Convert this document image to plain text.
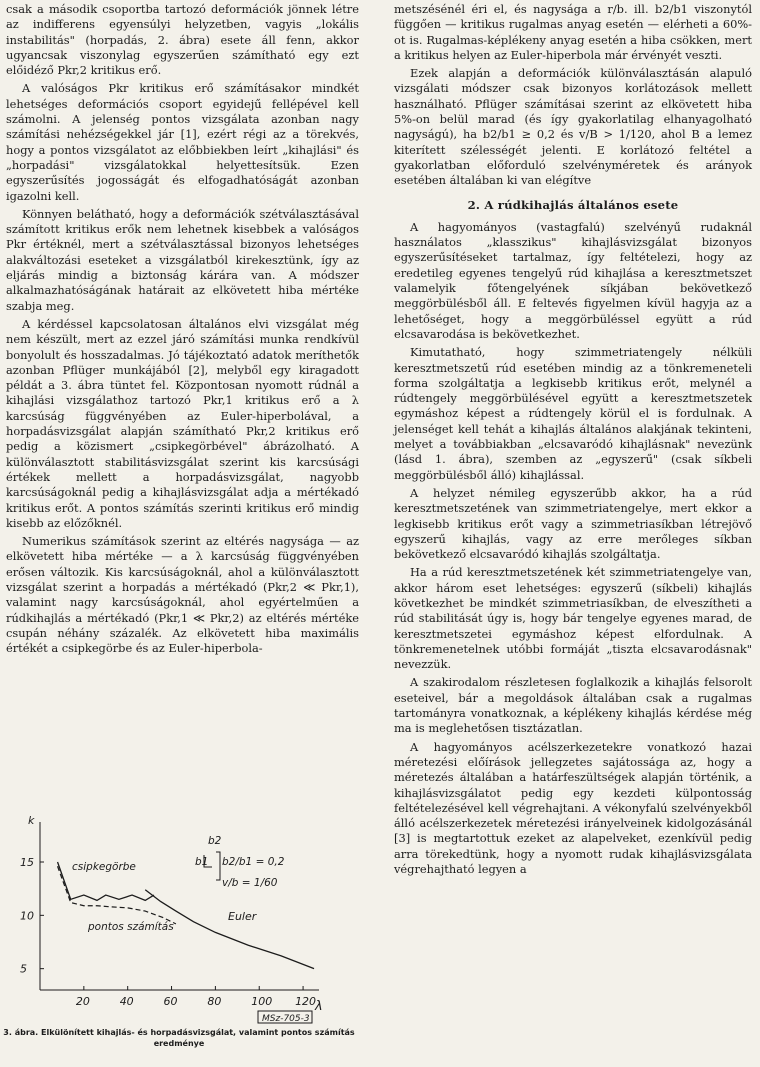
csak a második csoportba tartozó deformációk jönnek létre az indifferens egyensúlyi helyzetben, vagyis „lokális instabilitás" (horpadás, 2. ábra) esete áll fenn, akkor ugyancsak viszonylag egyszerűen számítható egy ezt előidéző Pkr,2 kritikus erő.

A valóságos Pkr kritikus erő számításakor mindkét lehetséges deformációs csoport egyidejű fellépével kell számolni. A jelenség pontos vizsgálata azonban nagy számítási nehézségekkel jár [1], ezért régi az a törekvés, hogy a pontos vizsgálatot az előbbiekben leírt „kihajlási" és „horpadási" vizsgálatokkal helyettesítsük. Ezen egyszerűsítés jogosságát és elfogadhatóságát azonban igazolni kell.

Könnyen belátható, hogy a deformációk szétválasztásával számított kritikus erők nem lehetnek kisebbek a valóságos Pkr értéknél, mert a szétválasztással bizonyos lehetséges alakváltozási eseteket a vizsgálatból kirekesztünk, így az eljárás mindig a biztonság kárára van. A módszer alkalmazhatóságának határait az elkövetett hiba mértéke szabja meg.

A kérdéssel kapcsolatosan általános elvi vizsgálat még nem készült, mert az ezzel járó számítási munka rendkívül bonyolult és hosszadalmas. Jó tájékoztató adatok meríthetők azonban Pflüger munkájából [2], melyből egy kiragadott példát a 3. ábra tüntet fel. Központosan nyomott rúdnál a kihajlási vizsgálathoz tartozó Pkr,1 kritikus erő a λ karcsúság függvényében az Euler-hiperbolával, a horpadásvizsgálat alapján számítható Pkr,2 kritikus erő pedig a közismert „csipkegörbével" ábrázolható. A különválasztott stabilitásvizsgálat szerint kis karcsúsági értékek mellett a horpadásvizsgálat, nagyobb karcsúságoknál pedig a kihajlásvizsgálat adja a mértékadó kritikus erőt. A pontos számítás szerinti kritikus erő mindig kisebb az előzőknél.

Numerikus számítások szerint az eltérés nagysága — az elkövetett hiba mértéke — a λ karcsúság függvényében erősen változik. Kis karcsúságoknál, ahol a különválasztott vizsgálat szerint a horpadás a mértékadó (Pkr,2 ≪ Pkr,1), valamint nagy karcsúságoknál, ahol egyértelműen a rúdkihajlás a mértékadó (Pkr,1 ≪ Pkr,2) az eltérés mértéke csupán néhány százalék. Az elkövetett hiba maximális értékét a csipkegörbe és az Euler-hiperbola-

k
λ
csipkegörbe
pontos számítás
Euler
b2
b1 b2/b1 = 0,2
v/b = 1/60
MSz-705-3
20	40	60	80	100 120
5
10
15
3. ábra. Elkülönített kihajlás- és horpadásvizsgálat, valamint pontos számítás eredménye

metszésénél éri el, és nagysága a r/b. ill. b2/b1 viszonytól függően — kritikus rugalmas anyag esetén — elérheti a 60%-ot is. Rugalmas-képlékeny anyag esetén a hiba csökken, mert a kritikus helyen az Euler-hiperbola már érvényét veszti.

Ezek alapján a deformációk különválasztásán alapuló vizsgálati módszer csak bizonyos korlátozások mellett használható. Pflüger számításai szerint az elkövetett hiba 5%-on belül marad (és így gyakorlatilag elhanyagolható nagyságú), ha b2/b1 ≥ 0,2 és v/B > 1/120, ahol B a lemez kiterített szélességét jelenti. E korlátozó feltétel a gyakorlatban előforduló szelvényméretek és arányok esetében általában ki van elégítve

2. A rúdkihajlás általános esete

A hagyományos (vastagfalú) szelvényű rudaknál használatos „klasszikus" kihajlásvizsgálat bizonyos egyszerűsítéseket tartalmaz, így feltételezi, hogy az eredetileg egyenes tengelyű rúd kihajlása a keresztmetszet valamelyik főtengelyének síkjában bekövetkező meggörbülésből áll. E feltevés figyelmen kívül hagyja az a lehetőséget, hogy a meggörbüléssel együtt a rúd elcsavarodása is bekövetkezhet.

Kimutatható, hogy szimmetriatengely nélküli keresztmetszetű rúd esetében mindig az a tönkremeneteli forma szolgáltatja a legkisebb kritikus erőt, melynél a rúdtengely meggörbülésével együtt a keresztmetszetek egymáshoz képest a rúdtengely körül el is fordulnak. A jelenséget kell tehát a kihajlás általános alakjának tekinteni, melyet a továbbiakban „elcsavaródó kihajlásnak" nevezünk (lásd 1. ábra), szemben az „egyszerű" (csak síkbeli meggörbülésből álló) kihajlással.

A helyzet némileg egyszerűbb akkor, ha a rúd keresztmetszetének van szimmetriatengelye, mert ekkor a legkisebb kritikus erőt vagy a szimmetriasíkban létrejövő egyszerű kihajlás, vagy az erre merőleges síkban bekövetkező elcsavaródó kihajlás szolgáltatja.

Ha a rúd keresztmetszetének két szimmetriatengelye van, akkor három eset lehetséges: egyszerű (síkbeli) kihajlás következhet be mindkét szimmetriasíkban, de elveszítheti a rúd stabilitását úgy is, hogy bár tengelye egyenes marad, de keresztmetszetei egymáshoz képest elfordulnak. A tönkremenetelnek utóbbi formáját „tiszta elcsavarodásnak" nevezzük.

A szakirodalom részletesen foglalkozik a kihajlás felsorolt eseteivel, bár a megoldások általában csak a rugalmas tartományra vonatkoznak, a képlékeny kihajlás kérdése még ma is meglehetősen tisztázatlan.

A hagyományos acélszerkezetekre vonatkozó hazai méretezési előírások jellegzetes sajátossága az, hogy a méretezés általában a határfeszültségek alapján történik, a kihajlásvizsgálatot pedig egy kezdeti külpontosság feltételezésével kell végrehajtani. A vékonyfalú szelvényekből álló acélszerkezetek méretezési irányelveinek kidolgozásánál [3] is megtartottuk ezeket az alapelveket, ezenkívül pedig arra törekedtünk, hogy a nyomott rudak kihajlásvizsgálata végrehajtható legyen a
